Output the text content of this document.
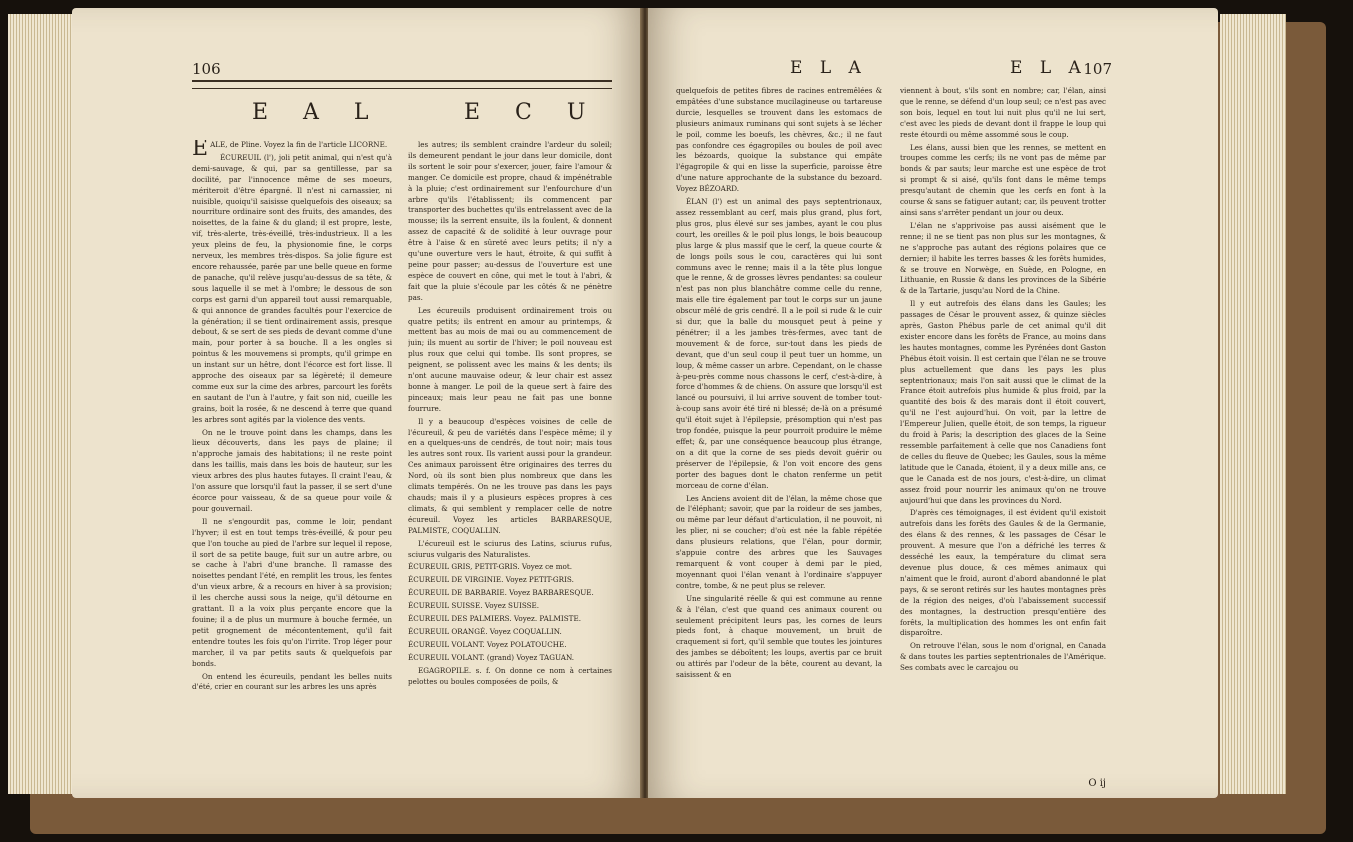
106
E A L	E C U

EALE, de Pline. Voyez la fin de l'article LICORNE.

ÉCUREUIL (l'), joli petit animal, qui n'est qu'à demi-sauvage, & qui, par sa gentillesse, par sa docilité, par l'innocence même de ses moeurs, mériteroit d'être épargné. Il n'est ni carnassier, ni nuisible, quoiqu'il saisisse quelquefois des oiseaux; sa nourriture ordinaire sont des fruits, des amandes, des noisettes, de la faine & du gland; il est propre, leste, vif, très-alerte, très-éveillé, très-industrieux. Il a les yeux pleins de feu, la physionomie fine, le corps nerveux, les membres très-dispos. Sa jolie figure est encore rehaussée, parée par une belle queue en forme de panache, qu'il relève jusqu'au-dessus de sa tête, & sous laquelle il se met à l'ombre; le dessous de son corps est garni d'un appareil tout aussi remarquable, & qui annonce de grandes facultés pour l'exercice de la génération; il se tient ordinairement assis, presque debout, & se sert de ses pieds de devant comme d'une main, pour porter à sa bouche. Il a les ongles si pointus & les mouvemens si prompts, qu'il grimpe en un instant sur un hêtre, dont l'écorce est fort lisse. Il approche des oiseaux par sa légèreté; il demeure comme eux sur la cime des arbres, parcourt les forêts en sautant de l'un à l'autre, y fait son nid, cueille les grains, boit la rosée, & ne descend à terre que quand les arbres sont agités par la violence des vents.

On ne le trouve point dans les champs, dans les lieux découverts, dans les pays de plaine; il n'approche jamais des habitations; il ne reste point dans les taillis, mais dans les bois de hauteur, sur les vieux arbres des plus hautes futayes. Il craint l'eau, & l'on assure que lorsqu'il faut la passer, il se sert d'une écorce pour vaisseau, & de sa queue pour voile & pour gouvernail.

Il ne s'engourdit pas, comme le loir, pendant l'hyver; il est en tout temps très-éveillé, & pour peu que l'on touche au pied de l'arbre sur lequel il repose, il sort de sa petite bauge, fuit sur un autre arbre, ou se cache à l'abri d'une branche. Il ramasse des noisettes pendant l'été, en remplit les trous, les fentes d'un vieux arbre, & a recours en hiver à sa provision; il les cherche aussi sous la neige, qu'il détourne en grattant. Il a la voix plus perçante encore que la fouine; il a de plus un murmure à bouche fermée, un petit grognement de mécontentement, qu'il fait entendre toutes les fois qu'on l'irrite. Trop léger pour marcher, il va par petits sauts & quelquefois par bonds.

On entend les écureuils, pendant les belles nuits d'été, crier en courant sur les arbres les uns après

les autres; ils semblent craindre l'ardeur du soleil; ils demeurent pendant le jour dans leur domicile, dont ils sortent le soir pour s'exercer, jouer, faire l'amour & manger. Ce domicile est propre, chaud & impénétrable à la pluie; c'est ordinairement sur l'enfourchure d'un arbre qu'ils l'établissent; ils commencent par transporter des buchettes qu'ils entrelassent avec de la mousse; ils la serrent ensuite, ils la foulent, & donnent assez de capacité & de solidité à leur ouvrage pour être à l'aise & en sûreté avec leurs petits; il n'y a qu'une ouverture vers le haut, étroite, & qui suffit à peine pour passer; au-dessus de l'ouverture est une espèce de couvert en cône, qui met le tout à l'abri, & fait que la pluie s'écoule par les côtés & ne pénètre pas.

Les écureuils produisent ordinairement trois ou quatre petits; ils entrent en amour au printemps, & mettent bas au mois de mai ou au commencement de juin; ils muent au sortir de l'hiver; le poil nouveau est plus roux que celui qui tombe. Ils sont propres, se peignent, se polissent avec les mains & les dents; ils n'ont aucune mauvaise odeur, & leur chair est assez bonne à manger. Le poil de la queue sert à faire des pinceaux; mais leur peau ne fait pas une bonne fourrure.

Il y a beaucoup d'espèces voisines de celle de l'écureuil, & peu de variétés dans l'espèce même; il y en a quelques-uns de cendrés, de tout noir; mais tous les autres sont roux. Ils varient aussi pour la grandeur. Ces animaux paroissent être originaires des terres du Nord, où ils sont bien plus nombreux que dans les climats tempérés. On ne les trouve pas dans les pays chauds; mais il y a plusieurs espèces propres à ces climats, & qui semblent y remplacer celle de notre écureuil. Voyez les articles BARBARESQUE, PALMISTE, COQUALLIN.

L'écureuil est le sciurus des Latins, sciurus rufus, sciurus vulgaris des Naturalistes.

ÉCUREUIL GRIS, PETIT-GRIS. Voyez ce mot.

ÉCUREUIL DE VIRGINIE. Voyez PETIT-GRIS.

ÉCUREUIL DE BARBARIE. Voyez BARBARESQUE.

ÉCUREUIL SUISSE. Voyez SUISSE.

ÉCUREUIL DES PALMIERS. Voyez. PALMISTE.

ÉCUREUIL ORANGÉ. Voyez COQUALLIN.

ÉCUREUIL VOLANT. Voyez POLATOUCHE.

ÉCUREUIL VOLANT. (grand) Voyez TAGUAN.

EGAGROPILE. s. f. On donne ce nom à certaines pelottes ou boules composées de poils, &

E L A	E L A
107

quelquefois de petites fibres de racines entremêlées & empâtées d'une substance mucilagineuse ou tartareuse durcie, lesquelles se trouvent dans les estomacs de plusieurs animaux ruminans qui sont sujets à se lécher le poil, comme les boeufs, les chèvres, &c.; il ne faut pas confondre ces égagropiles ou boules de poil avec les bézoards, quoique la substance qui empâte l'égagropile & qui en lisse la superficie, paroisse être d'une nature approchante de la substance du bezoard. Voyez BÉZOARD.

ÉLAN (l') est un animal des pays septentrionaux, assez ressemblant au cerf, mais plus grand, plus fort, plus gros, plus élevé sur ses jambes, ayant le cou plus court, les oreilles & le poil plus longs, le bois beaucoup plus large & plus massif que le cerf, la queue courte & de longs poils sous le cou, caractères qui lui sont communs avec le renne; mais il a la tête plus longue que le renne, & de grosses lèvres pendantes: sa couleur n'est pas non plus blanchâtre comme celle du renne, mais elle tire également par tout le corps sur un jaune obscur mêlé de gris cendré. Il a le poil si rude & le cuir si dur, que la balle du mousquet peut à peine y pénétrer; il a les jambes très-fermes, avec tant de mouvement & de force, sur-tout dans les pieds de devant, que d'un seul coup il peut tuer un homme, un loup, & même casser un arbre. Cependant, on le chasse à-peu-près comme nous chassons le cerf, c'est-à-dire, à force d'hommes & de chiens. On assure que lorsqu'il est lancé ou poursuivi, il lui arrive souvent de tomber tout-à-coup sans avoir été tiré ni blessé; de-là on a présumé qu'il étoit sujet à l'épilepsie, présomption qui n'est pas trop fondée, puisque la peur pourroit produire le même effet; &, par une conséquence beaucoup plus étrange, on a dit que la corne de ses pieds devoit guérir ou préserver de l'épilepsie, & l'on voit encore des gens porter des bagues dont le chaton renferme un petit morceau de corne d'élan.

Les Anciens avoient dit de l'élan, la même chose que de l'éléphant; savoir, que par la roideur de ses jambes, ou même par leur défaut d'articulation, il ne pouvoit, ni les plier, ni se coucher; d'où est née la fable répétée dans plusieurs relations, que l'élan, pour dormir, s'appuie contre des arbres que les Sauvages remarquent & vont couper à demi par le pied, moyennant quoi l'élan venant à l'ordinaire s'appuyer contre, tombe, & ne peut plus se relever.

Une singularité réelle & qui est commune au renne & à l'élan, c'est que quand ces animaux courent ou seulement précipitent leurs pas, les cornes de leurs pieds font, à chaque mouvement, un bruit de craquement si fort, qu'il semble que toutes les jointures des jambes se déboîtent; les loups, avertis par ce bruit ou attirés par l'odeur de la bête, courent au devant, la saisissent & en

viennent à bout, s'ils sont en nombre; car, l'élan, ainsi que le renne, se défend d'un loup seul; ce n'est pas avec son bois, lequel en tout lui nuit plus qu'il ne lui sert, c'est avec les pieds de devant dont il frappe le loup qui reste étourdi ou même assommé sous le coup.

Les élans, aussi bien que les rennes, se mettent en troupes comme les cerfs; ils ne vont pas de même par bonds & par sauts; leur marche est une espèce de trot si prompt & si aisé, qu'ils font dans le même temps presqu'autant de chemin que les cerfs en font à la course & sans se fatiguer autant; car, ils peuvent trotter ainsi sans s'arrêter pendant un jour ou deux.

L'élan ne s'apprivoise pas aussi aisément que le renne; il ne se tient pas non plus sur les montagnes, & ne s'approche pas autant des régions polaires que ce dernier; il habite les terres basses & les forêts humides, & se trouve en Norwège, en Suède, en Pologne, en Lithuanie, en Russie & dans les provinces de la Sibérie & de la Tartarie, jusqu'au Nord de la Chine.

Il y eut autrefois des élans dans les Gaules; les passages de César le prouvent assez, & quinze siècles après, Gaston Phébus parle de cet animal qu'il dit exister encore dans les forêts de France, au moins dans les hautes montagnes, comme les Pyrénées dont Gaston Phébus étoit voisin. Il est certain que l'élan ne se trouve plus actuellement que dans les pays les plus septentrionaux; mais l'on sait aussi que le climat de la France étoit autrefois plus humide & plus froid, par la quantité des bois & des marais dont il étoit couvert, qu'il ne l'est aujourd'hui. On voit, par la lettre de l'Empereur Julien, quelle étoit, de son temps, la rigueur du froid à Paris; la description des glaces de la Seine ressemble parfaitement à celle que nos Canadiens font de celles du fleuve de Quebec; les Gaules, sous la même latitude que le Canada, étoient, il y a deux mille ans, ce que le Canada est de nos jours, c'est-à-dire, un climat assez froid pour nourrir les animaux qu'on ne trouve aujourd'hui que dans les provinces du Nord.

D'après ces témoignages, il est évident qu'il existoit autrefois dans les forêts des Gaules & de la Germanie, des élans & des rennes, & les passages de César le prouvent. A mesure que l'on a défriché les terres & desséché les eaux, la température du climat sera devenue plus douce, & ces mêmes animaux qui n'aiment que le froid, auront d'abord abandonné le plat pays, & se seront retirés sur les hautes montagnes près de la région des neiges, d'où l'abaissement successif des montagnes, la destruction presqu'entière des forêts, la multiplication des hommes les ont enfin fait disparoître.

On retrouve l'élan, sous le nom d'orignal, en Canada & dans toutes les parties septentrionales de l'Amérique. Ses combats avec le carcajou ou

O ij
